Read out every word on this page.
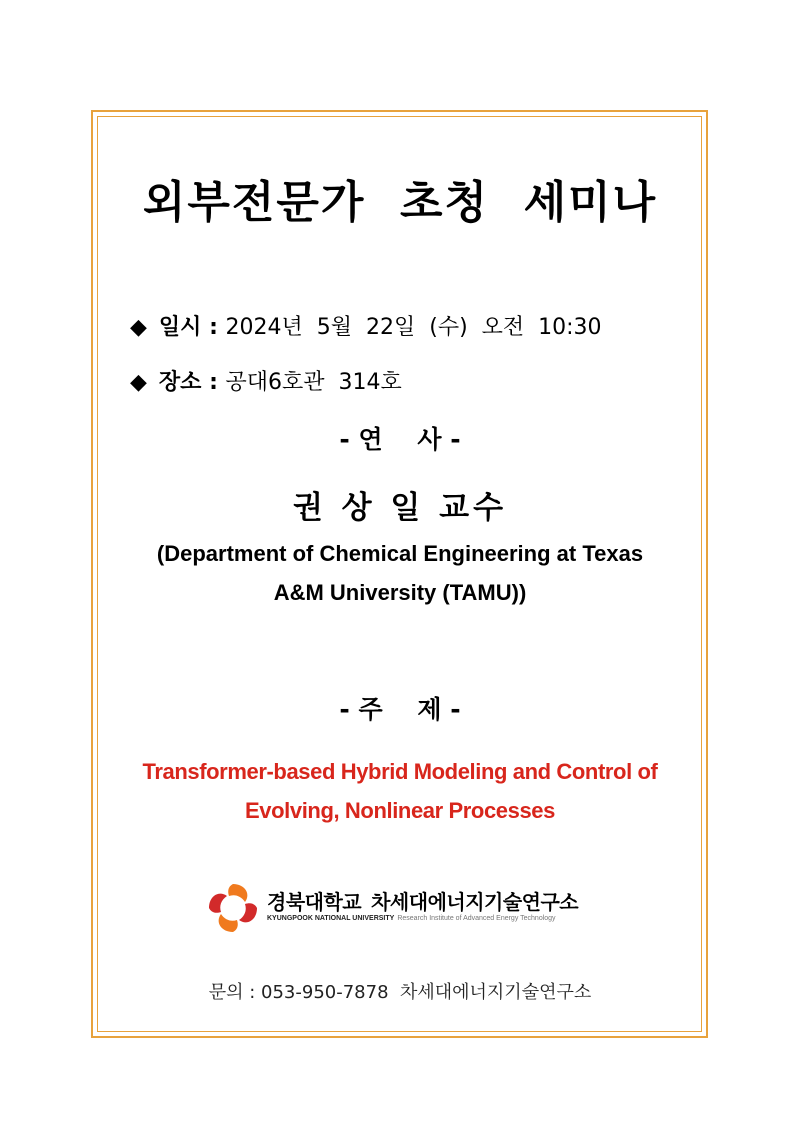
외부전문가  초청  세미나

◆ 일시 : 2024년  5월  22일  (수)  오전  10:30

◆ 장소 : 공대6호관  314호

- 연    사 -
권 상 일 교수
(Department of Chemical Engineering at Texas A&M University (TAMU))
- 주    제 -
Transformer-based Hybrid Modeling and Control of Evolving, Nonlinear Processes
경북대학교 차세대에너지기술연구소
KYUNGPOOK NATIONAL UNIVERSITY Research Institute of Advanced Energy Technology
문의 : 053-950-7878  차세대에너지기술연구소
